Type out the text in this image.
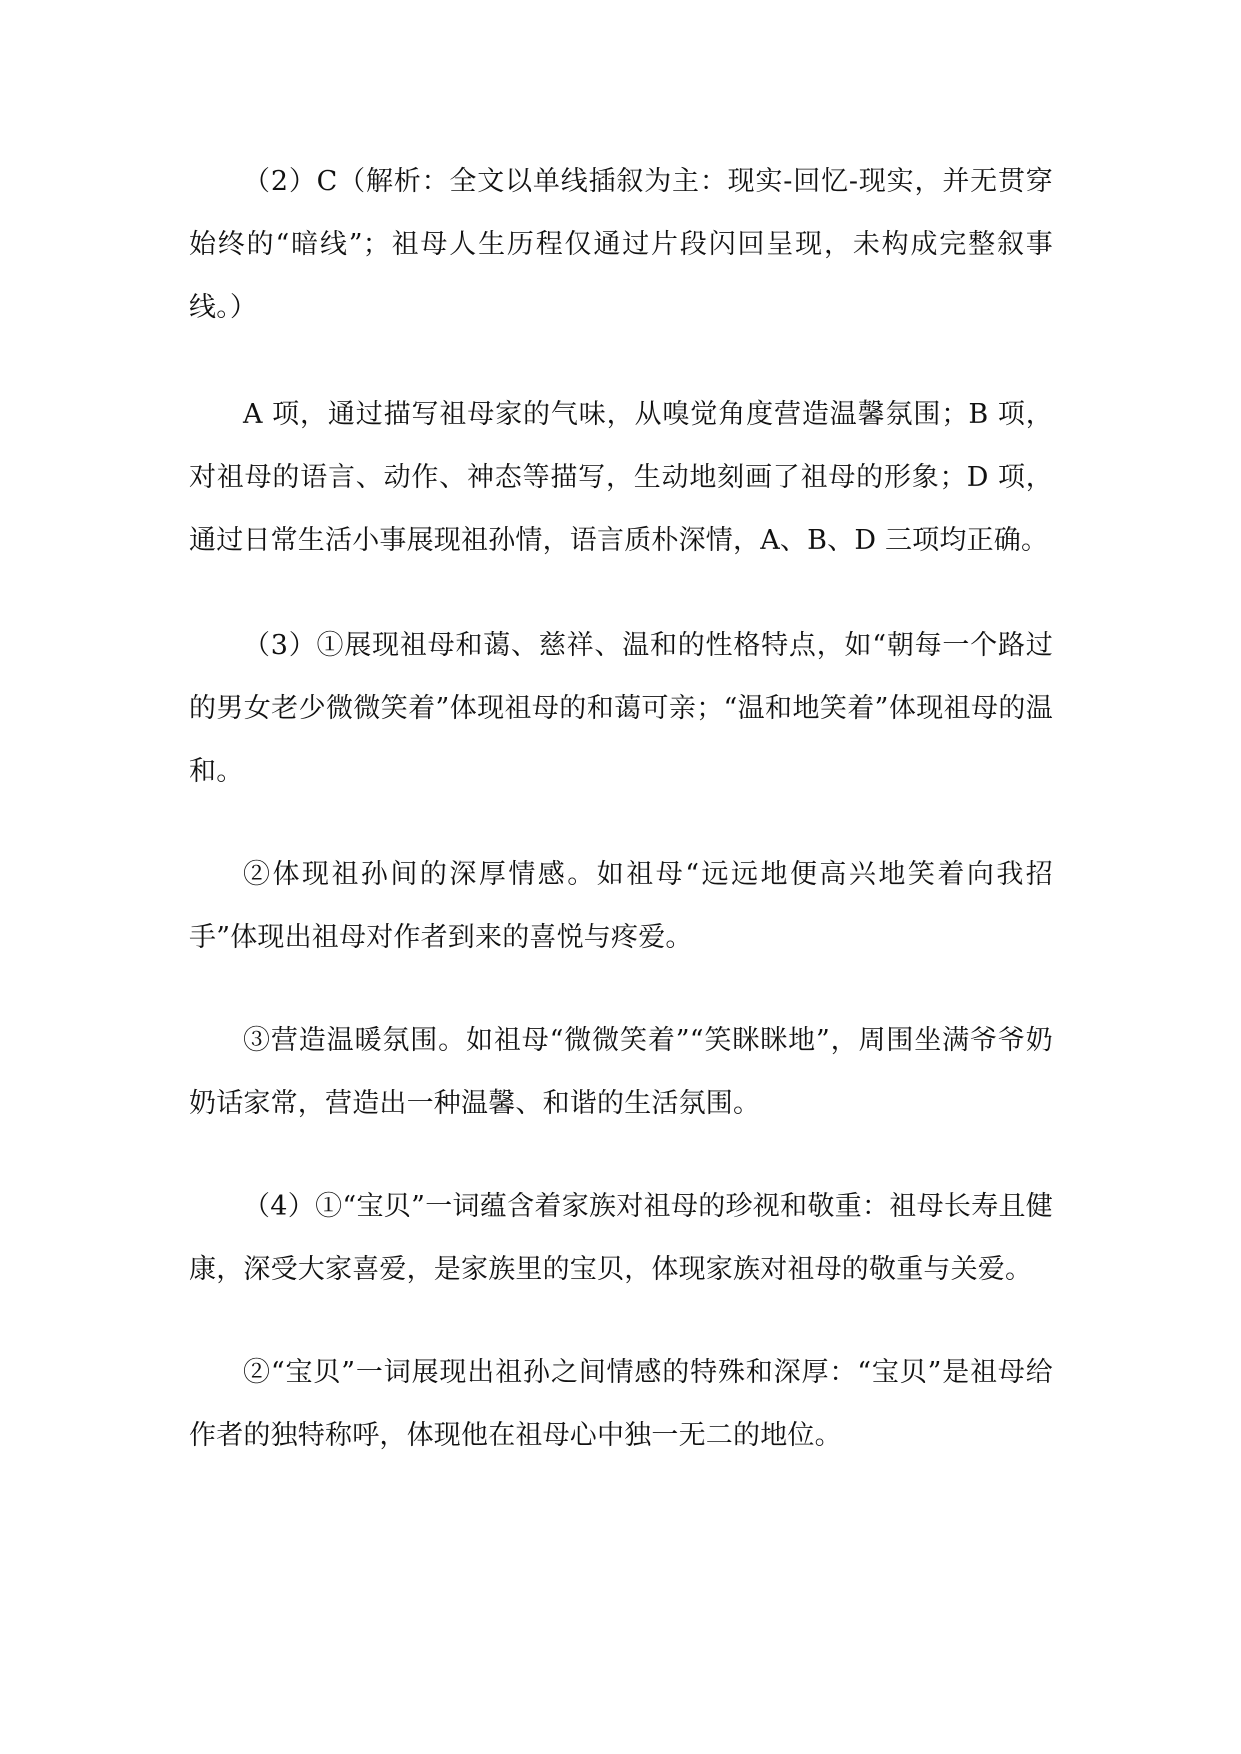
（2）C（解析：全文以单线插叙为主：现实-回忆-现实，并无贯穿始终的“暗线”；祖母人生历程仅通过片段闪回呈现，未构成完整叙事线。）

A 项，通过描写祖母家的气味，从嗅觉角度营造温馨氛围；B 项，对祖母的语言、动作、神态等描写，生动地刻画了祖母的形象；D 项，通过日常生活小事展现祖孙情，语言质朴深情，A、B、D 三项均正确。

（3）①展现祖母和蔼、慈祥、温和的性格特点，如“朝每一个路过的男女老少微微笑着”体现祖母的和蔼可亲；“温和地笑着”体现祖母的温和。

②体现祖孙间的深厚情感。如祖母“远远地便高兴地笑着向我招手”体现出祖母对作者到来的喜悦与疼爱。

③营造温暖氛围。如祖母“微微笑着”“笑眯眯地”，周围坐满爷爷奶奶话家常，营造出一种温馨、和谐的生活氛围。

（4）①“宝贝”一词蕴含着家族对祖母的珍视和敬重：祖母长寿且健康，深受大家喜爱，是家族里的宝贝，体现家族对祖母的敬重与关爱。

②“宝贝”一词展现出祖孙之间情感的特殊和深厚：“宝贝”是祖母给作者的独特称呼，体现他在祖母心中独一无二的地位。
